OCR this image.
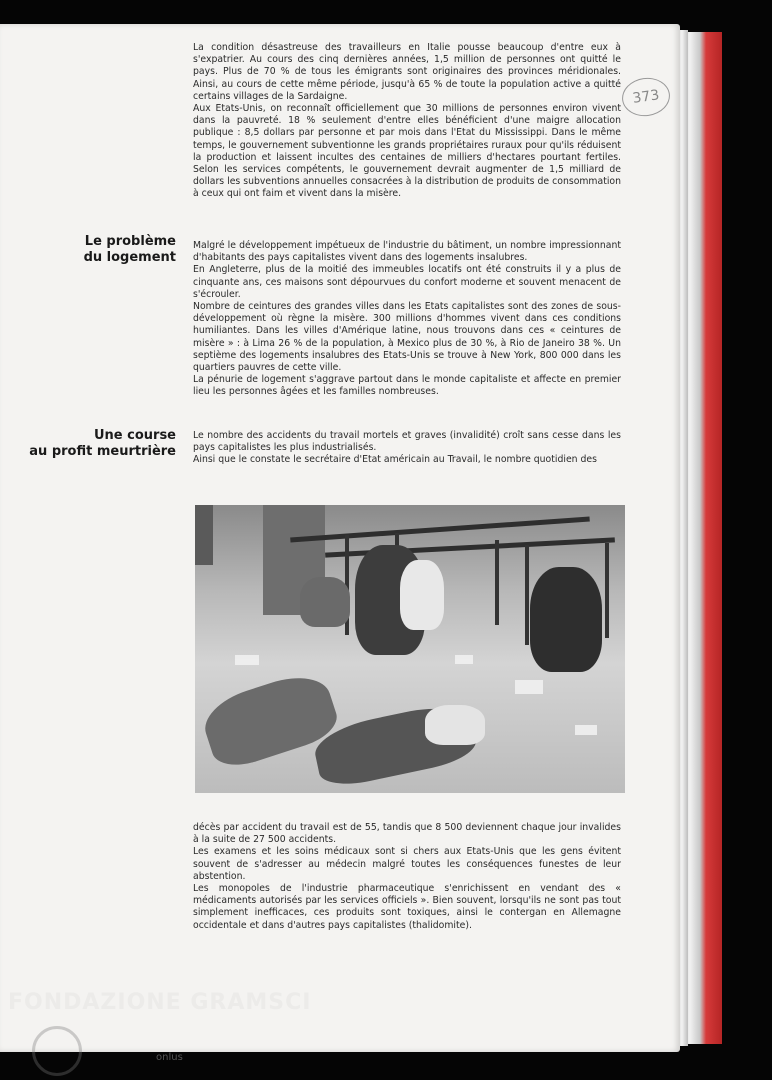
373

La condition désastreuse des travailleurs en Italie pousse beaucoup d'entre eux à s'expatrier. Au cours des cinq dernières années, 1,5 million de personnes ont quitté le pays. Plus de 70 % de tous les émigrants sont originaires des provinces méridionales. Ainsi, au cours de cette même période, jusqu'à 65 % de toute la population active a quitté certains villages de la Sardaigne.

Aux Etats-Unis, on reconnaît officiellement que 30 millions de personnes environ vivent dans la pauvreté. 18 % seulement d'entre elles bénéficient d'une maigre allocation publique : 8,5 dollars par personne et par mois dans l'Etat du Mississippi. Dans le même temps, le gouvernement subventionne les grands propriétaires ruraux pour qu'ils réduisent la production et laissent incultes des centaines de milliers d'hectares pourtant fertiles. Selon les services compétents, le gouvernement devrait augmenter de 1,5 milliard de dollars les subventions annuelles consacrées à la distribution de produits de consommation à ceux qui ont faim et vivent dans la misère.

Le problème
du logement

Malgré le développement impétueux de l'industrie du bâtiment, un nombre impressionnant d'habitants des pays capitalistes vivent dans des logements insalubres.

En Angleterre, plus de la moitié des immeubles locatifs ont été construits il y a plus de cinquante ans, ces maisons sont dépourvues du confort moderne et souvent menacent de s'écrouler.

Nombre de ceintures des grandes villes dans les Etats capitalistes sont des zones de sous-développement où règne la misère. 300 millions d'hommes vivent dans ces conditions humiliantes. Dans les villes d'Amérique latine, nous trouvons dans ces « ceintures de misère » : à Lima 26 % de la population, à Mexico plus de 30 %, à Rio de Janeiro 38 %. Un septième des logements insalubres des Etats-Unis se trouve à New York, 800 000 dans les quartiers pauvres de cette ville.

La pénurie de logement s'aggrave partout dans le monde capitaliste et affecte en premier lieu les personnes âgées et les familles nombreuses.

Une course
au profit meurtrière

Le nombre des accidents du travail mortels et graves (invalidité) croît sans cesse dans les pays capitalistes les plus industrialisés.

Ainsi que le constate le secrétaire d'Etat américain au Travail, le nombre quotidien des

décès par accident du travail est de 55, tandis que 8 500 deviennent chaque jour invalides à la suite de 27 500 accidents.

Les examens et les soins médicaux sont si chers aux Etats-Unis que les gens évitent souvent de s'adresser au médecin malgré toutes les conséquences funestes de leur abstention.

Les monopoles de l'industrie pharmaceutique s'enrichissent en vendant des « médicaments autorisés par les services officiels ». Bien souvent, lorsqu'ils ne sont pas tout simplement inefficaces, ces produits sont toxiques, ainsi le contergan en Allemagne occidentale et dans d'autres pays capitalistes (thalidomite).

FONDAZIONE GRAMSCI
onlus
